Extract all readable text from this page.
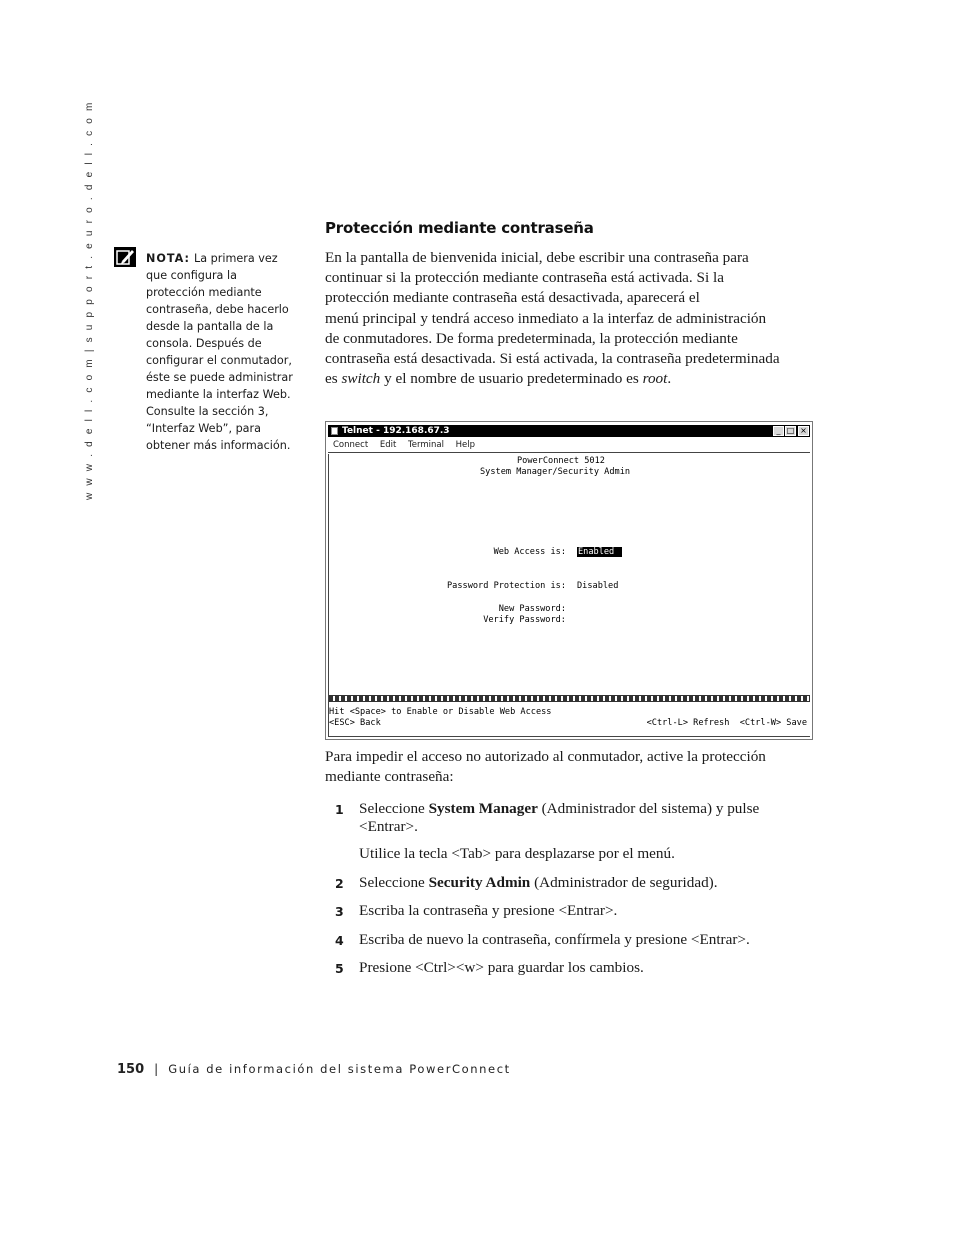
w w w . d e l l . c o m | s u p p o r t . e u r o . d e l l . c o m	NOTA: La primera vez que configura la protección mediante contraseña, debe hacerlo desde la pantalla de la consola. Después de configurar el conmutador, éste se puede administrar mediante la interfaz Web. Consulte la sección 3, “Interfaz Web”, para obtener más información.
Protección mediante contraseña

En la pantalla de bienvenida inicial, debe escribir una contraseña para
continuar si la protección mediante contraseña está activada. Si la
protección mediante contraseña está desactivada, aparecerá el
menú principal y tendrá acceso inmediato a la interfaz de administración
de conmutadores. De forma predeterminada, la protección mediante
contraseña está desactivada. Si está activada, la contraseña predeterminada
es switch y el nombre de usuario predeterminado es root.

Telnet - 192.168.67.3	_ □ ×
Connect Edit Terminal Help
PowerConnect 5012
System Manager/Security Admin
Web Access is: Enabled
Password Protection is: Disabled
New Password:
Verify Password:
Hit <Space> to Enable or Disable Web Access
<ESC> Back	<Ctrl-L> Refresh  <Ctrl-W> Save

Para impedir el acceso no autorizado al conmutador, active la protección mediante contraseña:

1 Seleccione System Manager (Administrador del sistema) y pulse <Entrar>.
Utilice la tecla <Tab> para desplazarse por el menú.
2 Seleccione Security Admin (Administrador de seguridad).
3 Escriba la contraseña y presione <Entrar>.
4 Escriba de nuevo la contraseña, confírmela y presione <Entrar>.
5 Presione <Ctrl><w> para guardar los cambios.
150 | Guía de información del sistema PowerConnect
